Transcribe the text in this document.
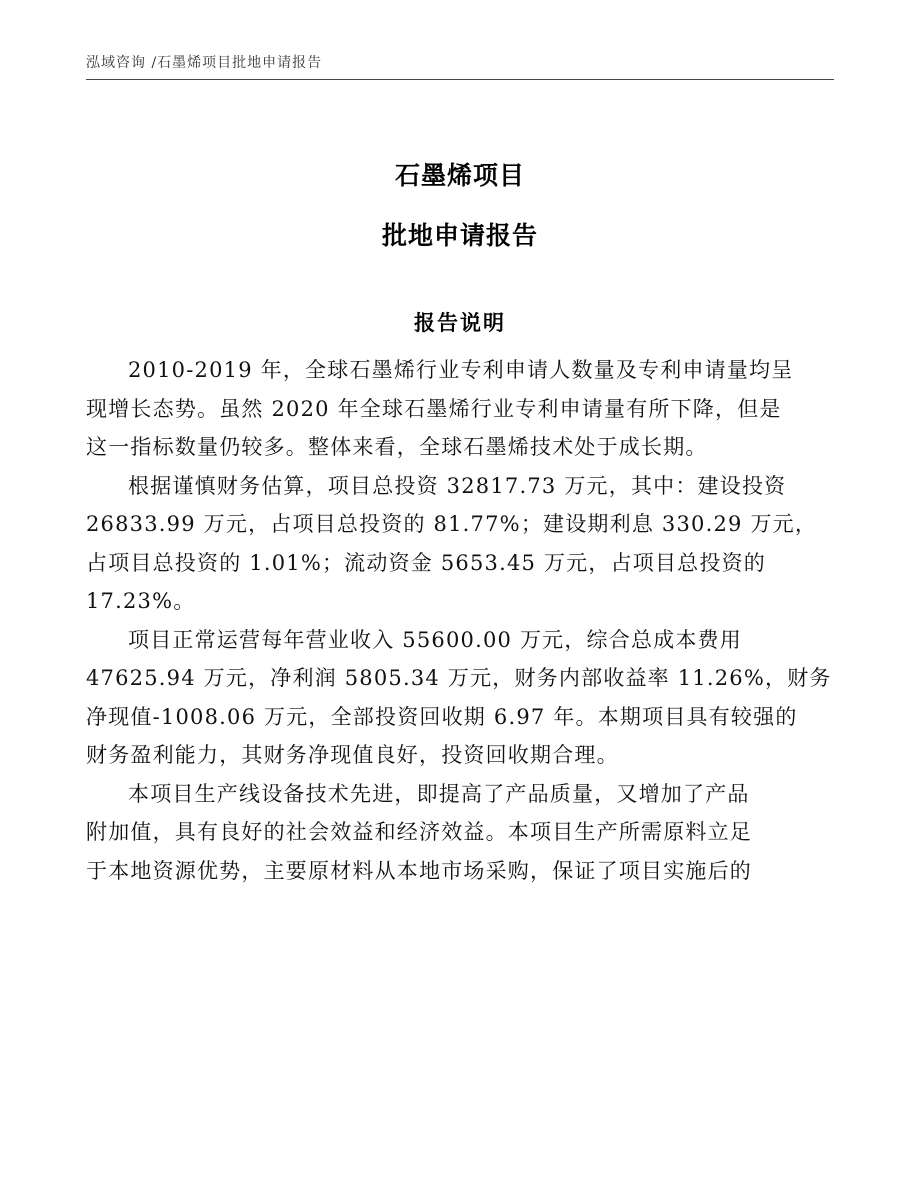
泓域咨询 /石墨烯项目批地申请报告
石墨烯项目
批地申请报告
报告说明

2010-2019 年，全球石墨烯行业专利申请人数量及专利申请量均呈
现增长态势。虽然 2020 年全球石墨烯行业专利申请量有所下降，但是
这一指标数量仍较多。整体来看，全球石墨烯技术处于成长期。

根据谨慎财务估算，项目总投资 32817.73 万元，其中：建设投资
26833.99 万元，占项目总投资的 81.77%；建设期利息 330.29 万元，
占项目总投资的 1.01%；流动资金 5653.45 万元，占项目总投资的
17.23%。

项目正常运营每年营业收入 55600.00 万元，综合总成本费用
47625.94 万元，净利润 5805.34 万元，财务内部收益率 11.26%，财务
净现值-1008.06 万元，全部投资回收期 6.97 年。本期项目具有较强的
财务盈利能力，其财务净现值良好，投资回收期合理。

本项目生产线设备技术先进，即提高了产品质量，又增加了产品
附加值，具有良好的社会效益和经济效益。本项目生产所需原料立足
于本地资源优势，主要原材料从本地市场采购，保证了项目实施后的
